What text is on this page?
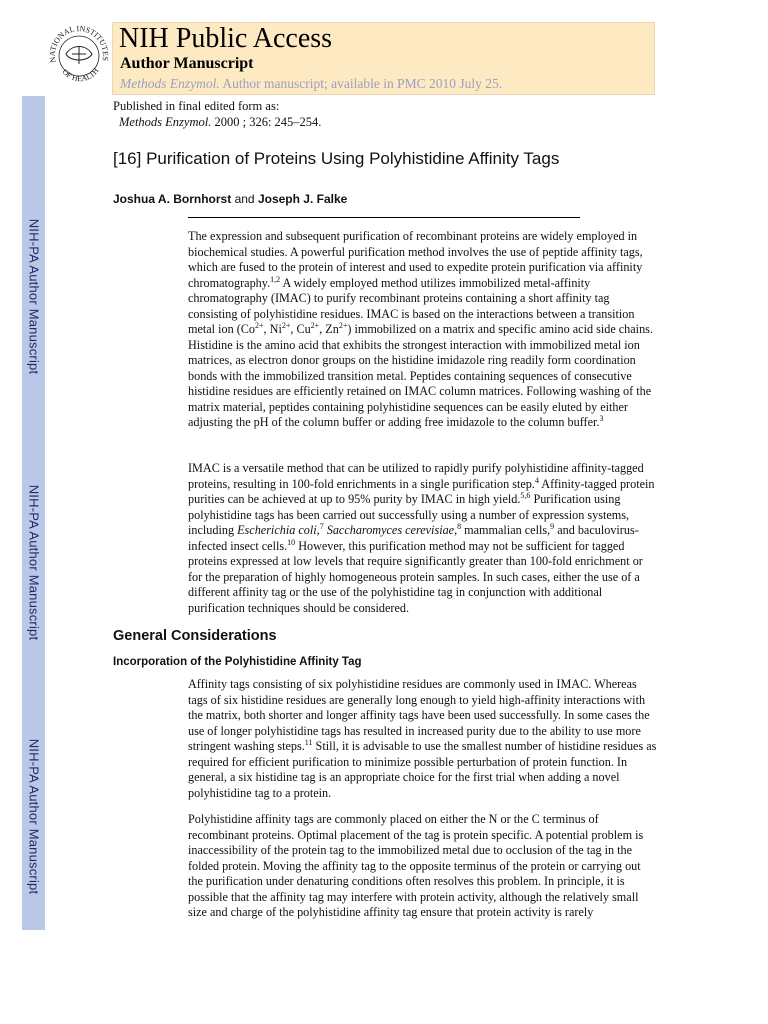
NIH-PA Author Manuscript
NIH-PA Author Manuscript
NIH-PA Author Manuscript
NATIONAL INSTITUTES
OF HEALTH
NIH Public Access
Author Manuscript
Methods Enzymol. Author manuscript; available in PMC 2010 July 25.
Published in final edited form as:
Methods Enzymol. 2000 ; 326: 245–254.
[16] Purification of Proteins Using Polyhistidine Affinity Tags
Joshua A. Bornhorst and Joseph J. Falke
The expression and subsequent purification of recombinant proteins are widely employed in biochemical studies. A powerful purification method involves the use of peptide affinity tags, which are fused to the protein of interest and used to expedite protein purification via affinity chromatography.$^{1,2}$ A widely employed method utilizes immobilized metal-affinity chromatography (IMAC) to purify recombinant proteins containing a short affinity tag consisting of polyhistidine residues. IMAC is based on the interactions between a transition metal ion ($Co^{2+}$, $Ni^{2+}$, $Cu^{2+}$, $Zn^{2+}$) immobilized on a matrix and specific amino acid side chains. Histidine is the amino acid that exhibits the strongest interaction with immobilized metal ion matrices, as electron donor groups on the histidine imidazole ring readily form coordination bonds with the immobilized transition metal. Peptides containing sequences of consecutive histidine residues are efficiently retained on IMAC column matrices. Following washing of the matrix material, peptides containing polyhistidine sequences can be easily eluted by either adjusting the pH of the column buffer or adding free imidazole to the column buffer.$^3$
IMAC is a versatile method that can be utilized to rapidly purify polyhistidine affinity-tagged proteins, resulting in 100-fold enrichments in a single purification step.$^4$ Affinity-tagged protein purities can be achieved at up to 95% purity by IMAC in high yield.$^{5,6}$ Purification using polyhistidine tags has been carried out successfully using a number of expression systems, including Escherichia coli,$^7$ Saccharomyces cerevisiae,$^8$ mammalian cells,$^9$ and baculovirus-infected insect cells.$^{10}$ However, this purification method may not be sufficient for tagged proteins expressed at low levels that require significantly greater than 100-fold enrichment or for the preparation of highly homogeneous protein samples. In such cases, either the use of a different affinity tag or the use of the polyhistidine tag in conjunction with additional purification techniques should be considered.
General Considerations
Incorporation of the Polyhistidine Affinity Tag
Affinity tags consisting of six polyhistidine residues are commonly used in IMAC. Whereas tags of six histidine residues are generally long enough to yield high-affinity interactions with the matrix, both shorter and longer affinity tags have been used successfully. In some cases the use of longer polyhistidine tags has resulted in increased purity due to the ability to use more stringent washing steps.$^{11}$ Still, it is advisable to use the smallest number of histidine residues as required for efficient purification to minimize possible perturbation of protein function. In general, a six histidine tag is an appropriate choice for the first trial when adding a novel polyhistidine tag to a protein.
Polyhistidine affinity tags are commonly placed on either the N or the C terminus of recombinant proteins. Optimal placement of the tag is protein specific. A potential problem is inaccessibility of the protein tag to the immobilized metal due to occlusion of the tag in the folded protein. Moving the affinity tag to the opposite terminus of the protein or carrying out the purification under denaturing conditions often resolves this problem. In principle, it is possible that the affinity tag may interfere with protein activity, although the relatively small size and charge of the polyhistidine affinity tag ensure that protein activity is rarely
